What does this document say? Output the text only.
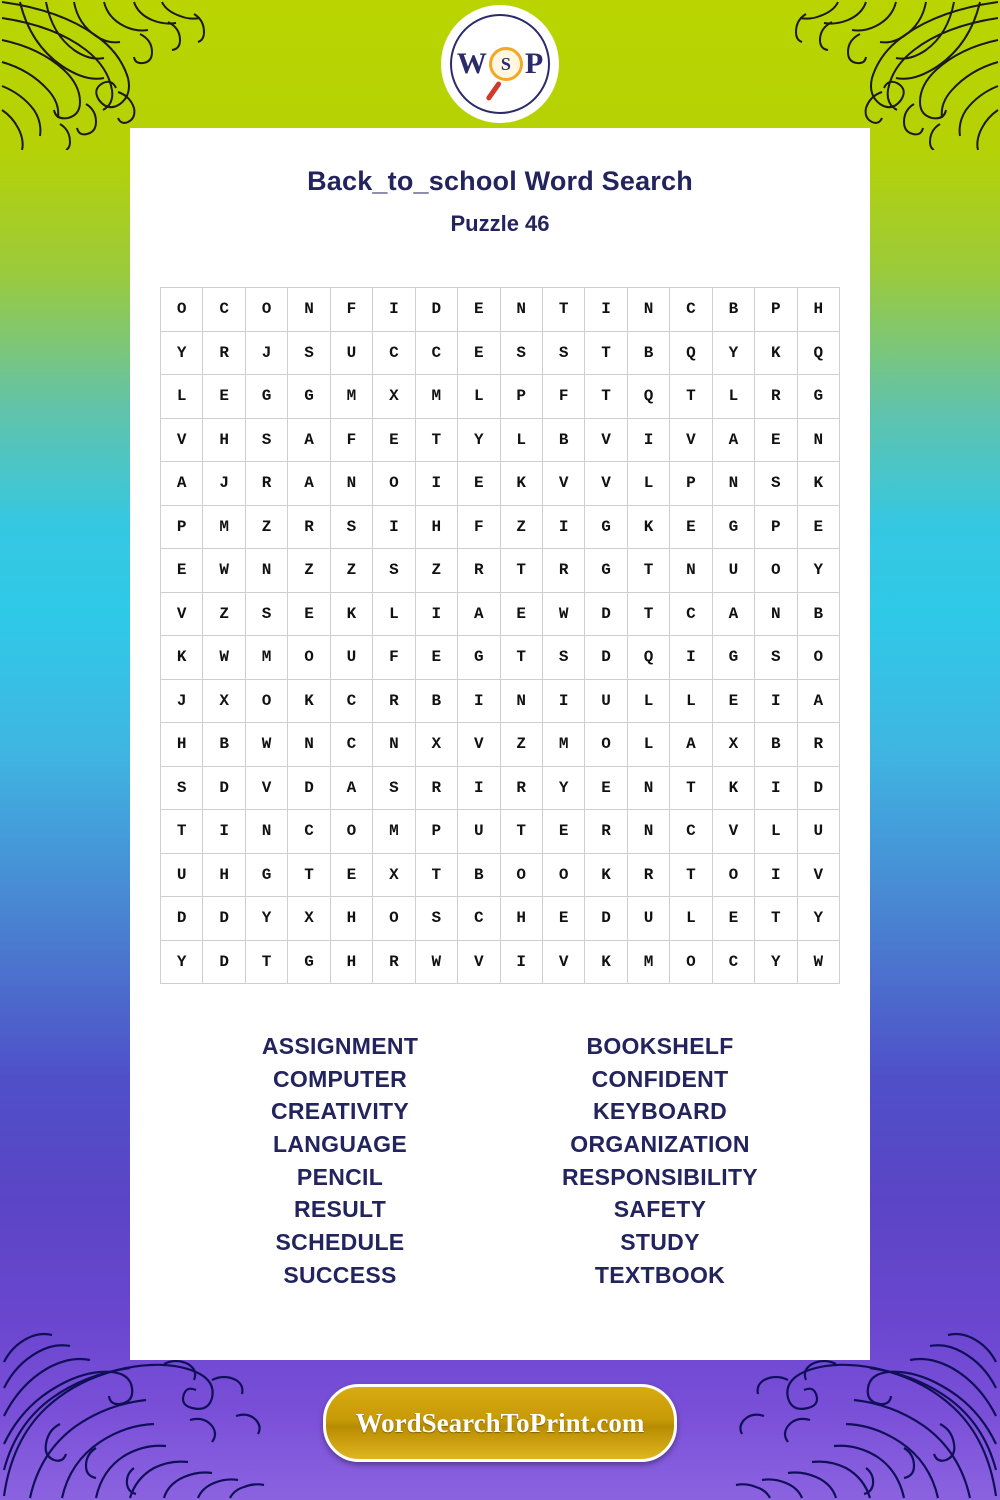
W S P
Back_to_school Word Search
Puzzle 46
O	C	O	N	F	I	D	E	N	T	I	N	C	B	P	H
Y	R	J	S	U	C	C	E	S	S	T	B	Q	Y	K	Q
L	E	G	G	M	X	M	L	P	F	T	Q	T	L	R	G
V	H	S	A	F	E	T	Y	L	B	V	I	V	A	E	N
A	J	R	A	N	O	I	E	K	V	V	L	P	N	S	K
P	M	Z	R	S	I	H	F	Z	I	G	K	E	G	P	E
E	W	N	Z	Z	S	Z	R	T	R	G	T	N	U	O	Y
V	Z	S	E	K	L	I	A	E	W	D	T	C	A	N	B
K	W	M	O	U	F	E	G	T	S	D	Q	I	G	S	O
J	X	O	K	C	R	B	I	N	I	U	L	L	E	I	A
H	B	W	N	C	N	X	V	Z	M	O	L	A	X	B	R
S	D	V	D	A	S	R	I	R	Y	E	N	T	K	I	D
T	I	N	C	O	M	P	U	T	E	R	N	C	V	L	U
U	H	G	T	E	X	T	B	O	O	K	R	T	O	I	V
D	D	Y	X	H	O	S	C	H	E	D	U	L	E	T	Y
Y	D	T	G	H	R	W	V	I	V	K	M	O	C	Y	W
ASSIGNMENT
COMPUTER
CREATIVITY
LANGUAGE
PENCIL
RESULT
SCHEDULE
SUCCESS
BOOKSHELF
CONFIDENT
KEYBOARD
ORGANIZATION
RESPONSIBILITY
SAFETY
STUDY
TEXTBOOK
WordSearchToPrint.com
